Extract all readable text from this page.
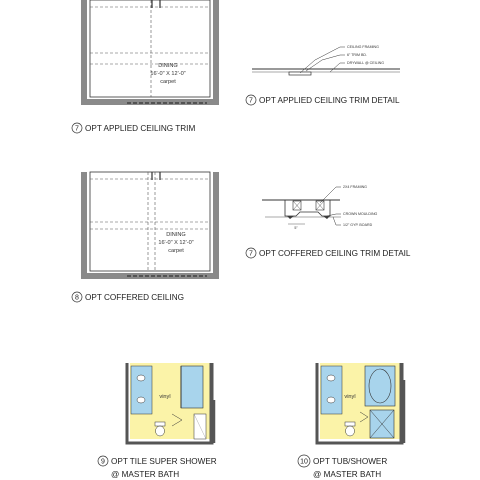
DINING
16'-0" X 12'-0"
carpet
7 OPT APPLIED CEILING TRIM
CEILING FRAMING
6" TRIM BD.
DRYWALL @ CEILING
7 OPT APPLIED CEILING TRIM DETAIL
DINING
16'-0" X 12'-0"
carpet
8 OPT COFFERED CEILING
5"
2X4 FRAMING
CROWN MOULDING
1/2" GYP. BOARD
7 OPT COFFERED CEILING TRIM DETAIL
vinyl
9 OPT TILE SUPER SHOWER
@ MASTER BATH
vinyl
10 OPT TUB/SHOWER
@ MASTER BATH
